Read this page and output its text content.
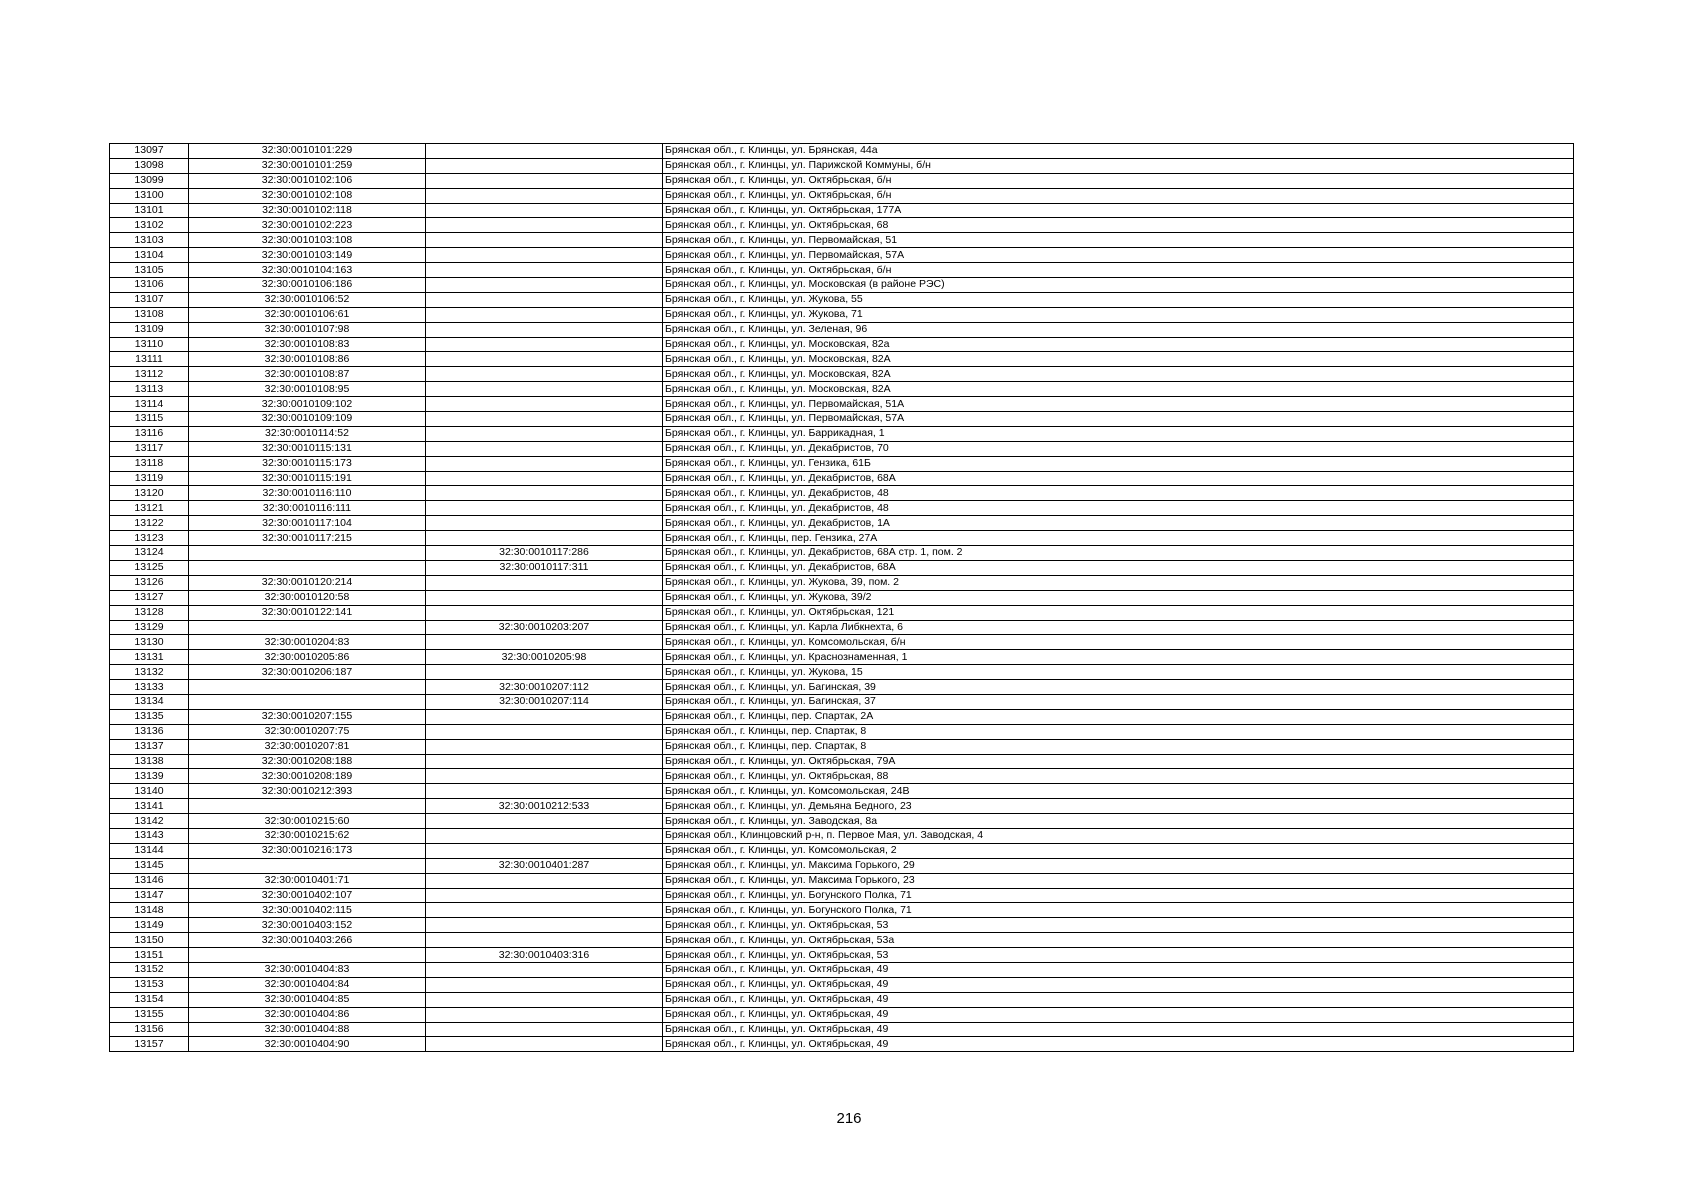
13097	32:30:0010101:229		Брянская обл., г. Клинцы, ул. Брянская, 44а
13098	32:30:0010101:259		Брянская обл., г. Клинцы, ул. Парижской Коммуны, б/н
13099	32:30:0010102:106		Брянская обл., г. Клинцы, ул. Октябрьская, б/н
13100	32:30:0010102:108		Брянская обл., г. Клинцы, ул. Октябрьская, б/н
13101	32:30:0010102:118		Брянская обл., г. Клинцы, ул. Октябрьская, 177А
13102	32:30:0010102:223		Брянская обл., г. Клинцы, ул. Октябрьская, 68
13103	32:30:0010103:108		Брянская обл., г. Клинцы, ул. Первомайская, 51
13104	32:30:0010103:149		Брянская обл., г. Клинцы, ул. Первомайская, 57А
13105	32:30:0010104:163		Брянская обл., г. Клинцы, ул. Октябрьская, б/н
13106	32:30:0010106:186		Брянская обл., г. Клинцы, ул. Московская (в районе РЭС)
13107	32:30:0010106:52		Брянская обл., г. Клинцы, ул. Жукова, 55
13108	32:30:0010106:61		Брянская обл., г. Клинцы, ул. Жукова, 71
13109	32:30:0010107:98		Брянская обл., г. Клинцы, ул. Зеленая, 96
13110	32:30:0010108:83		Брянская обл., г. Клинцы, ул. Московская, 82а
13111	32:30:0010108:86		Брянская обл., г. Клинцы, ул. Московская, 82А
13112	32:30:0010108:87		Брянская обл., г. Клинцы, ул. Московская, 82А
13113	32:30:0010108:95		Брянская обл., г. Клинцы, ул. Московская, 82А
13114	32:30:0010109:102		Брянская обл., г. Клинцы, ул. Первомайская, 51А
13115	32:30:0010109:109		Брянская обл., г. Клинцы, ул. Первомайская, 57А
13116	32:30:0010114:52		Брянская обл., г. Клинцы, ул. Баррикадная, 1
13117	32:30:0010115:131		Брянская обл., г. Клинцы, ул. Декабристов, 70
13118	32:30:0010115:173		Брянская обл., г. Клинцы, ул. Гензика, 61Б
13119	32:30:0010115:191		Брянская обл., г. Клинцы, ул. Декабристов, 68А
13120	32:30:0010116:110		Брянская обл., г. Клинцы, ул. Декабристов, 48
13121	32:30:0010116:111		Брянская обл., г. Клинцы, ул. Декабристов, 48
13122	32:30:0010117:104		Брянская обл., г. Клинцы, ул. Декабристов, 1А
13123	32:30:0010117:215		Брянская обл., г. Клинцы, пер. Гензика, 27А
13124		32:30:0010117:286	Брянская обл., г. Клинцы, ул. Декабристов, 68А стр. 1, пом. 2
13125		32:30:0010117:311	Брянская обл., г. Клинцы, ул. Декабристов, 68А
13126	32:30:0010120:214		Брянская обл., г. Клинцы, ул. Жукова, 39, пом. 2
13127	32:30:0010120:58		Брянская обл., г. Клинцы, ул. Жукова, 39/2
13128	32:30:0010122:141		Брянская обл., г. Клинцы, ул. Октябрьская, 121
13129		32:30:0010203:207	Брянская обл., г. Клинцы, ул. Карла Либкнехта, 6
13130	32:30:0010204:83		Брянская обл., г. Клинцы, ул. Комсомольская, б/н
13131	32:30:0010205:86	32:30:0010205:98	Брянская обл., г. Клинцы, ул. Краснознаменная, 1
13132	32:30:0010206:187		Брянская обл., г. Клинцы, ул. Жукова, 15
13133		32:30:0010207:112	Брянская обл., г. Клинцы, ул. Багинская, 39
13134		32:30:0010207:114	Брянская обл., г. Клинцы, ул. Багинская, 37
13135	32:30:0010207:155		Брянская обл., г. Клинцы, пер. Спартак, 2А
13136	32:30:0010207:75		Брянская обл., г. Клинцы, пер. Спартак, 8
13137	32:30:0010207:81		Брянская обл., г. Клинцы, пер. Спартак, 8
13138	32:30:0010208:188		Брянская обл., г. Клинцы, ул. Октябрьская, 79А
13139	32:30:0010208:189		Брянская обл., г. Клинцы, ул. Октябрьская, 88
13140	32:30:0010212:393		Брянская обл., г. Клинцы, ул. Комсомольская, 24В
13141		32:30:0010212:533	Брянская обл., г. Клинцы, ул. Демьяна Бедного, 23
13142	32:30:0010215:60		Брянская обл., г. Клинцы, ул. Заводская, 8а
13143	32:30:0010215:62		Брянская обл., Клинцовский р-н, п. Первое Мая, ул. Заводская, 4
13144	32:30:0010216:173		Брянская обл., г. Клинцы, ул. Комсомольская, 2
13145		32:30:0010401:287	Брянская обл., г. Клинцы, ул. Максима Горького, 29
13146	32:30:0010401:71		Брянская обл., г. Клинцы, ул. Максима Горького, 23
13147	32:30:0010402:107		Брянская обл., г. Клинцы, ул. Богунского Полка, 71
13148	32:30:0010402:115		Брянская обл., г. Клинцы, ул. Богунского Полка, 71
13149	32:30:0010403:152		Брянская обл., г. Клинцы, ул. Октябрьская, 53
13150	32:30:0010403:266		Брянская обл., г. Клинцы, ул. Октябрьская, 53а
13151		32:30:0010403:316	Брянская обл., г. Клинцы, ул. Октябрьская, 53
13152	32:30:0010404:83		Брянская обл., г. Клинцы, ул. Октябрьская, 49
13153	32:30:0010404:84		Брянская обл., г. Клинцы, ул. Октябрьская, 49
13154	32:30:0010404:85		Брянская обл., г. Клинцы, ул. Октябрьская, 49
13155	32:30:0010404:86		Брянская обл., г. Клинцы, ул. Октябрьская, 49
13156	32:30:0010404:88		Брянская обл., г. Клинцы, ул. Октябрьская, 49
13157	32:30:0010404:90		Брянская обл., г. Клинцы, ул. Октябрьская, 49
216
